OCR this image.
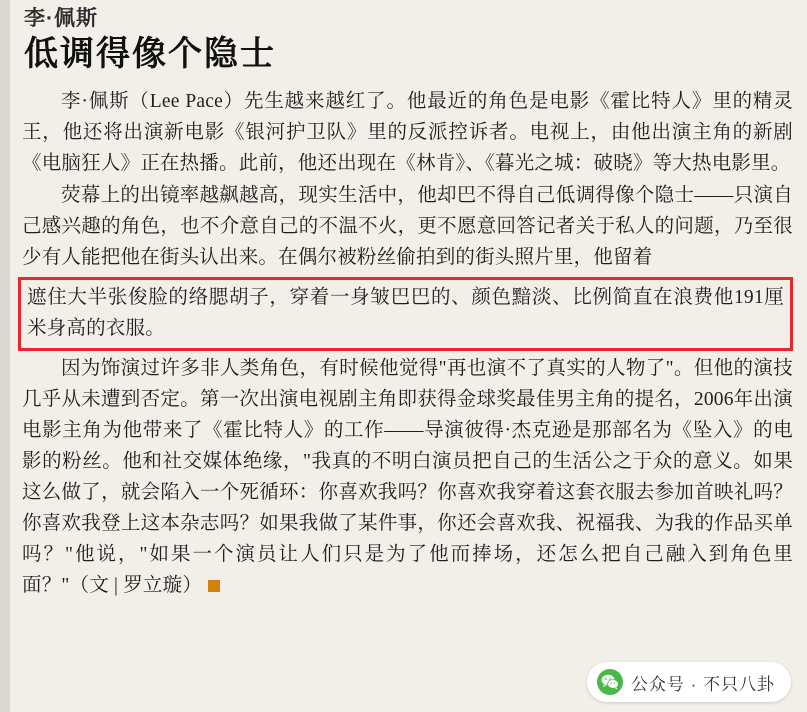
李·佩斯
低调得像个隐士

李·佩斯（Lee Pace）先生越来越红了。他最近的角色是电影《霍比特人》里的精灵王，他还将出演新电影《银河护卫队》里的反派控诉者。电视上，由他出演主角的新剧《电脑狂人》正在热播。此前，他还出现在《林肯》、《暮光之城：破晓》等大热电影里。

荧幕上的出镜率越飙越高，现实生活中，他却巴不得自己低调得像个隐士——只演自己感兴趣的角色，也不介意自己的不温不火，更不愿意回答记者关于私人的问题，乃至很少有人能把他在街头认出来。在偶尔被粉丝偷拍到的街头照片里，他留着

遮住大半张俊脸的络腮胡子，穿着一身皱巴巴的、颜色黯淡、比例简直在浪费他191厘米身高的衣服。

因为饰演过许多非人类角色，有时候他觉得"再也演不了真实的人物了"。但他的演技几乎从未遭到否定。第一次出演电视剧主角即获得金球奖最佳男主角的提名，2006年出演电影主角为他带来了《霍比特人》的工作——导演彼得·杰克逊是那部名为《坠入》的电影的粉丝。他和社交媒体绝缘，"我真的不明白演员把自己的生活公之于众的意义。如果这么做了，就会陷入一个死循环：你喜欢我吗？你喜欢我穿着这套衣服去参加首映礼吗？你喜欢我登上这本杂志吗？如果我做了某件事，你还会喜欢我、祝福我、为我的作品买单吗？"他说，"如果一个演员让人们只是为了他而捧场，还怎么把自己融入到角色里面？"（文 | 罗立璇）

公众号 · 不只八卦
